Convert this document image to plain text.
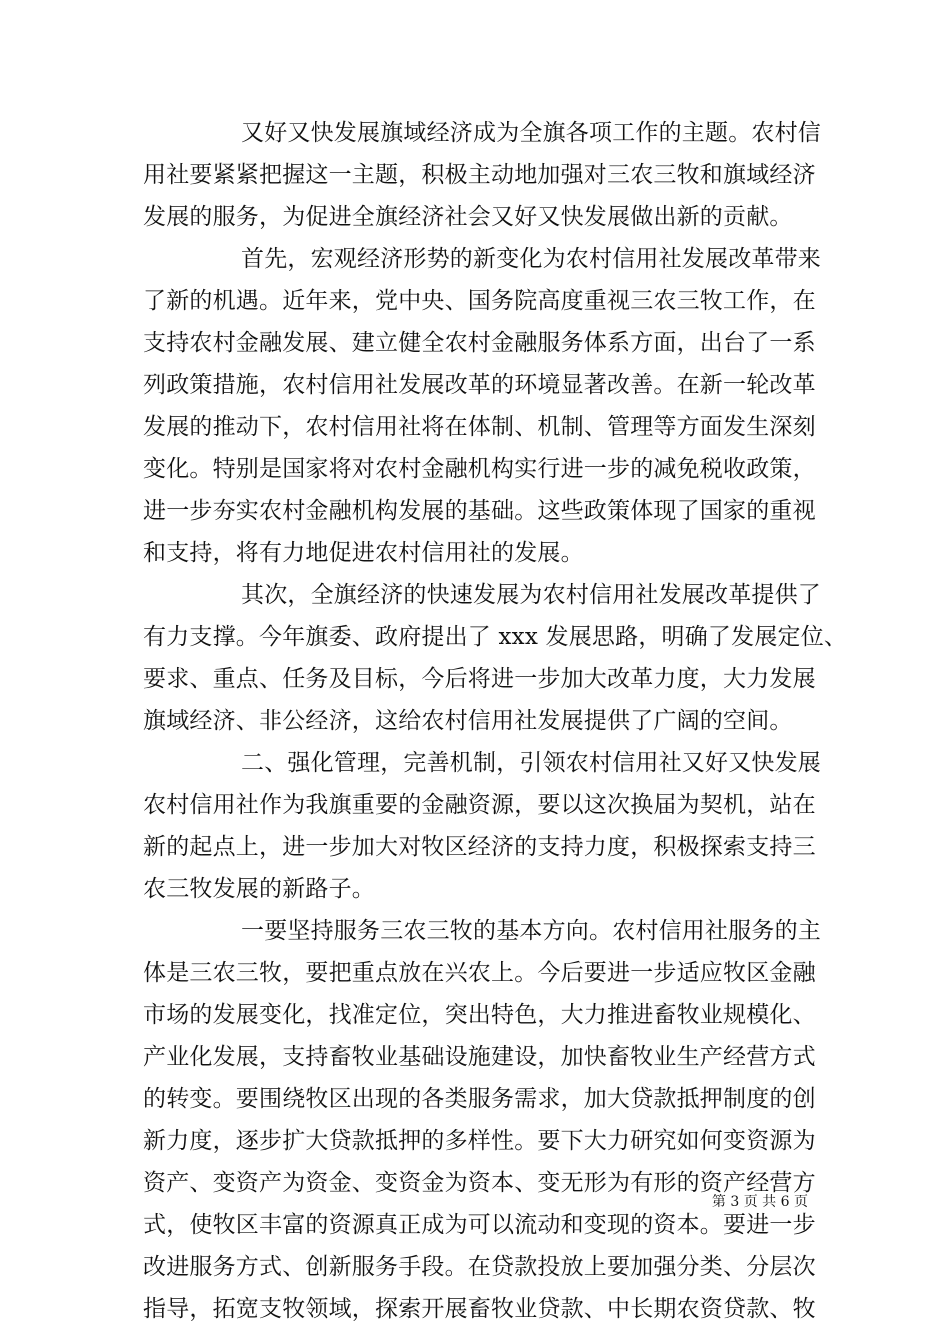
又好又快发展旗域经济成为全旗各项工作的主题。农村信
用社要紧紧把握这一主题，积极主动地加强对三农三牧和旗域经济
发展的服务，为促进全旗经济社会又好又快发展做出新的贡献。
首先，宏观经济形势的新变化为农村信用社发展改革带来
了新的机遇。近年来，党中央、国务院高度重视三农三牧工作，在
支持农村金融发展、建立健全农村金融服务体系方面，出台了一系
列政策措施，农村信用社发展改革的环境显著改善。在新一轮改革
发展的推动下，农村信用社将在体制、机制、管理等方面发生深刻
变化。特别是国家将对农村金融机构实行进一步的减免税收政策，
进一步夯实农村金融机构发展的基础。这些政策体现了国家的重视
和支持，将有力地促进农村信用社的发展。
其次，全旗经济的快速发展为农村信用社发展改革提供了
有力支撑。今年旗委、政府提出了 xxx 发展思路，明确了发展定位、
要求、重点、任务及目标，今后将进一步加大改革力度，大力发展
旗域经济、非公经济，这给农村信用社发展提供了广阔的空间。
二、强化管理，完善机制，引领农村信用社又好又快发展
农村信用社作为我旗重要的金融资源，要以这次换届为契机，站在
新的起点上，进一步加大对牧区经济的支持力度，积极探索支持三
农三牧发展的新路子。
一要坚持服务三农三牧的基本方向。农村信用社服务的主
体是三农三牧，要把重点放在兴农上。今后要进一步适应牧区金融
市场的发展变化，找准定位，突出特色，大力推进畜牧业规模化、
产业化发展，支持畜牧业基础设施建设，加快畜牧业生产经营方式
的转变。要围绕牧区出现的各类服务需求，加大贷款抵押制度的创
新力度，逐步扩大贷款抵押的多样性。要下大力研究如何变资源为
资产、变资产为资金、变资金为资本、变无形为有形的资产经营方
式，使牧区丰富的资源真正成为可以流动和变现的资本。要进一步
改进服务方式、创新服务手段。在贷款投放上要加强分类、分层次
指导，拓宽支牧领域，探索开展畜牧业贷款、中长期农资贷款、牧
第 3 页 共 6 页
